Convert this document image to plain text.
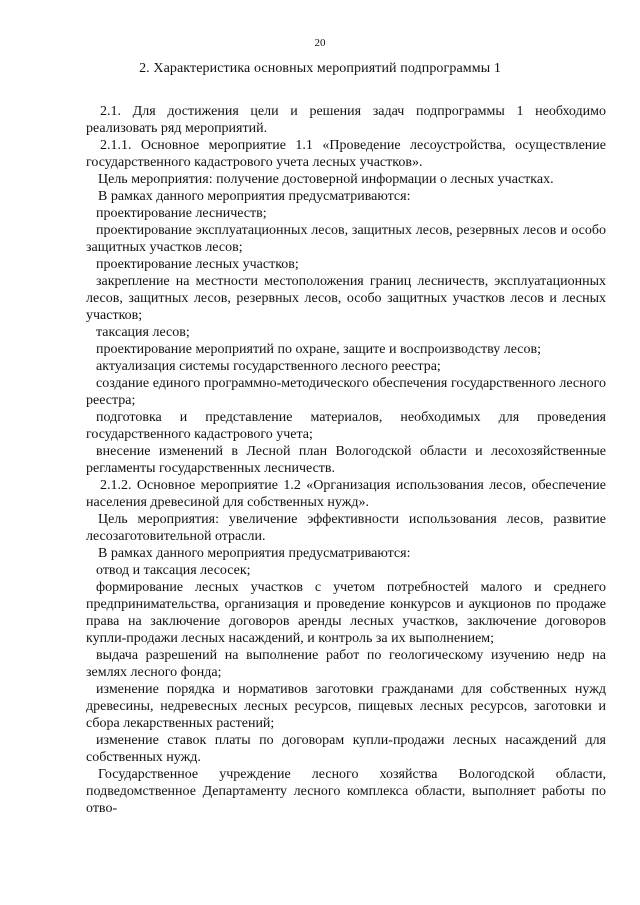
20
2. Характеристика основных мероприятий подпрограммы 1

2.1. Для достижения цели и решения задач подпрограммы 1 необходимо реализовать ряд мероприятий.

2.1.1. Основное мероприятие 1.1 «Проведение лесоустройства, осуществление государственного кадастрового учета лесных участков».

Цель мероприятия: получение достоверной информации о лесных участках.

В рамках данного мероприятия предусматриваются:

проектирование лесничеств;

проектирование эксплуатационных лесов, защитных лесов, резервных лесов и особо защитных участков лесов;

проектирование лесных участков;

закрепление на местности местоположения границ лесничеств, эксплуатационных лесов, защитных лесов, резервных лесов, особо защитных участков лесов и лесных участков;

таксация лесов;

проектирование мероприятий по охране, защите и воспроизводству лесов;

актуализация системы государственного лесного реестра;

создание единого программно-методического обеспечения государственного лесного реестра;

подготовка и представление материалов, необходимых для проведения государственного кадастрового учета;

внесение изменений в Лесной план Вологодской области и лесохозяйственные регламенты государственных лесничеств.

2.1.2. Основное мероприятие 1.2 «Организация использования лесов, обеспечение населения древесиной для собственных нужд».

Цель мероприятия: увеличение эффективности использования лесов, развитие лесозаготовительной отрасли.

В рамках данного мероприятия предусматриваются:

отвод и таксация лесосек;

формирование лесных участков с учетом потребностей малого и среднего предпринимательства, организация и проведение конкурсов и аукционов по продаже права на заключение договоров аренды лесных участков, заключение договоров купли-продажи лесных насаждений, и контроль за их выполнением;

выдача разрешений на выполнение работ по геологическому изучению недр на землях лесного фонда;

изменение порядка и нормативов заготовки гражданами для собственных нужд древесины, недревесных лесных ресурсов, пищевых лесных ресурсов, заготовки и сбора лекарственных растений;

изменение ставок платы по договорам купли-продажи лесных насаждений для собственных нужд.

Государственное учреждение лесного хозяйства Вологодской области, подведомственное Департаменту лесного комплекса области, выполняет работы по отво-
